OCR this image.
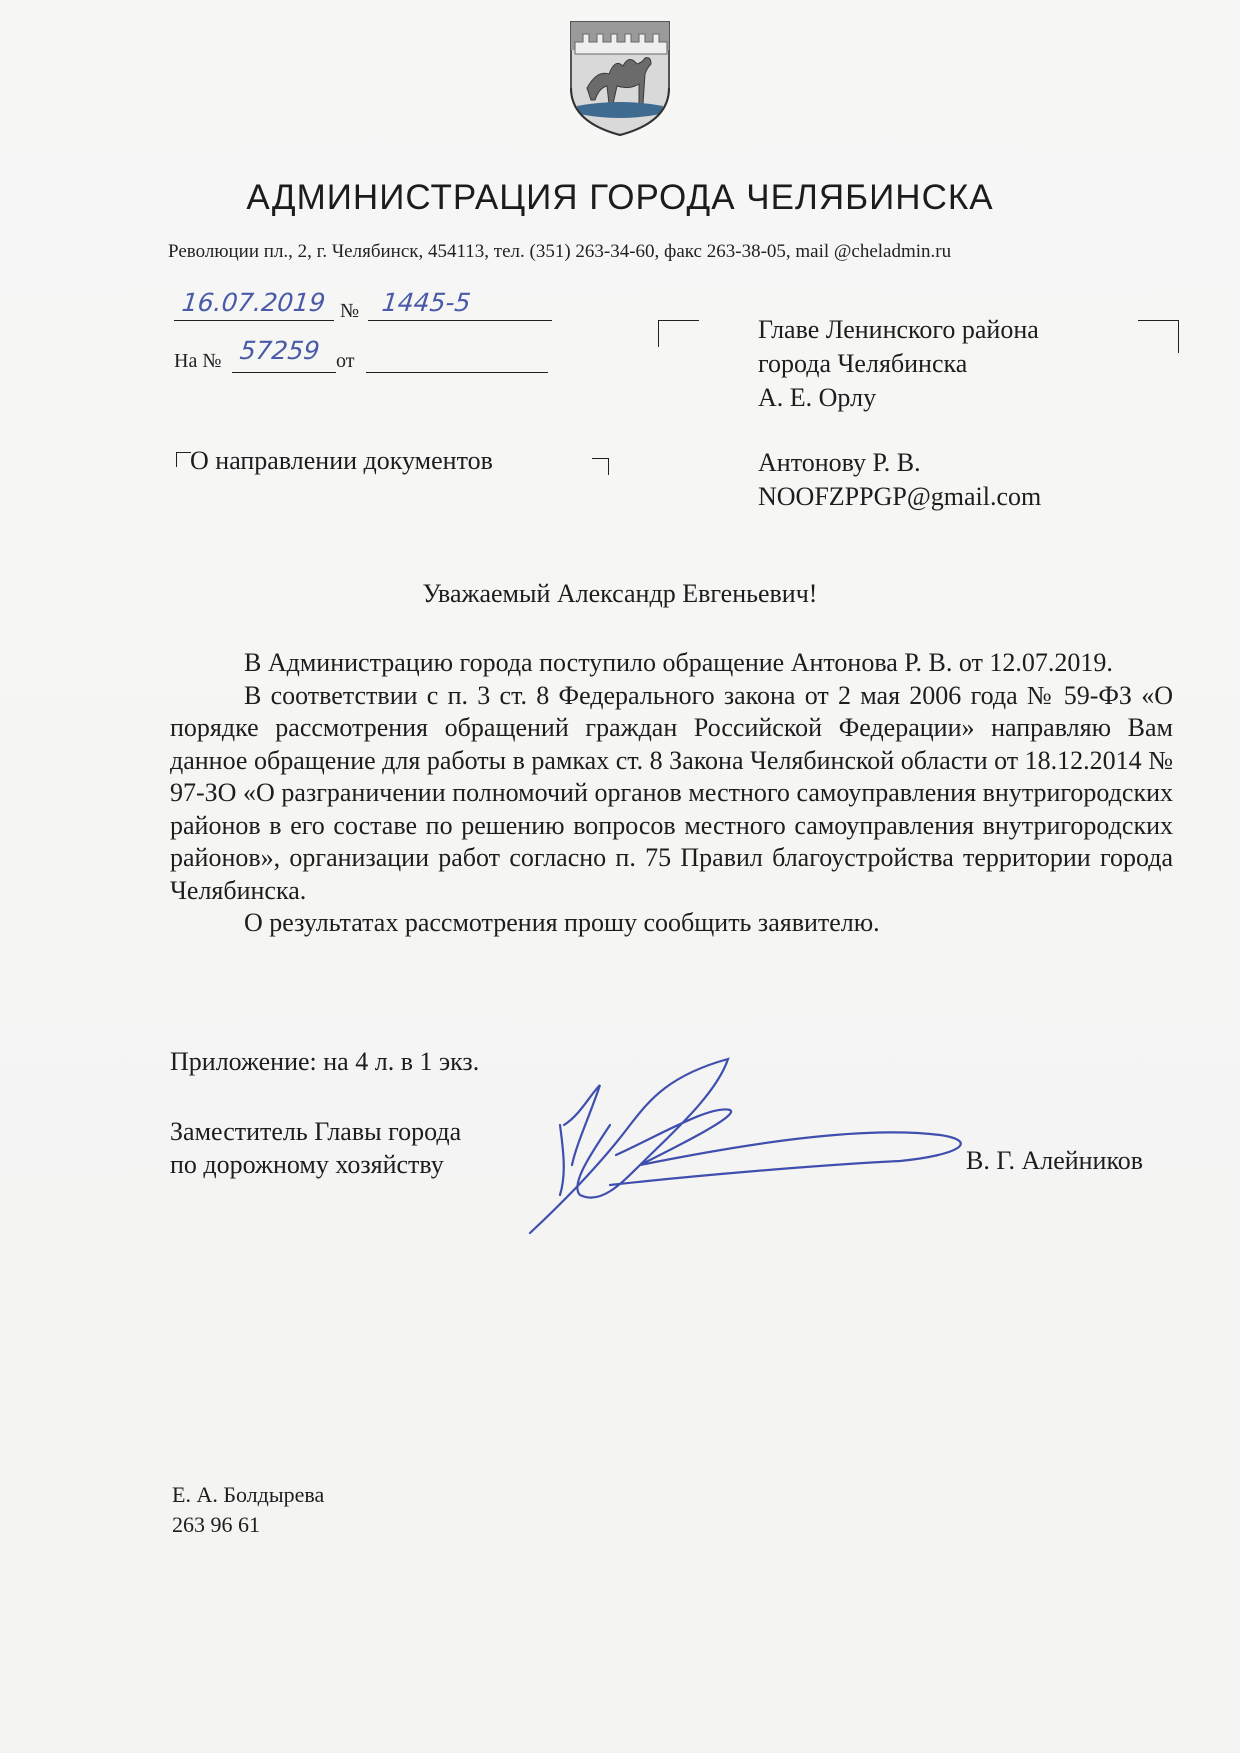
АДМИНИСТРАЦИЯ ГОРОДА ЧЕЛЯБИНСКА
Революции пл., 2, г. Челябинск, 454113, тел. (351) 263-34-60, факс 263-38-05, mail @cheladmin.ru
16.07.2019 № 1445-5
На № 57259 от
Главе Ленинского района
города Челябинска
А. Е. Орлу
О направлении документов	Антонову Р. В.
NOOFZPPGP@gmail.com
Уважаемый Александр Евгеньевич!

В Администрацию города поступило обращение Антонова Р. В. от 12.07.2019.

В соответствии с п. 3 ст. 8 Федерального закона от 2 мая 2006 года № 59-ФЗ «О порядке рассмотрения обращений граждан Российской Федерации» направляю Вам данное обращение для работы в рамках ст. 8 Закона Челябинской области от 18.12.2014 № 97-ЗО «О разграничении полномочий органов местного самоуправления внутригородских районов в его составе по решению вопросов местного самоуправления внутригородских районов», организации работ согласно п. 75 Правил благоустройства территории города Челябинска.

О результатах рассмотрения прошу сообщить заявителю.

Приложение: на 4 л. в 1 экз.
Заместитель Главы города
по дорожному хозяйству	В. Г. Алейников
Е. А. Болдырева
263 96 61
